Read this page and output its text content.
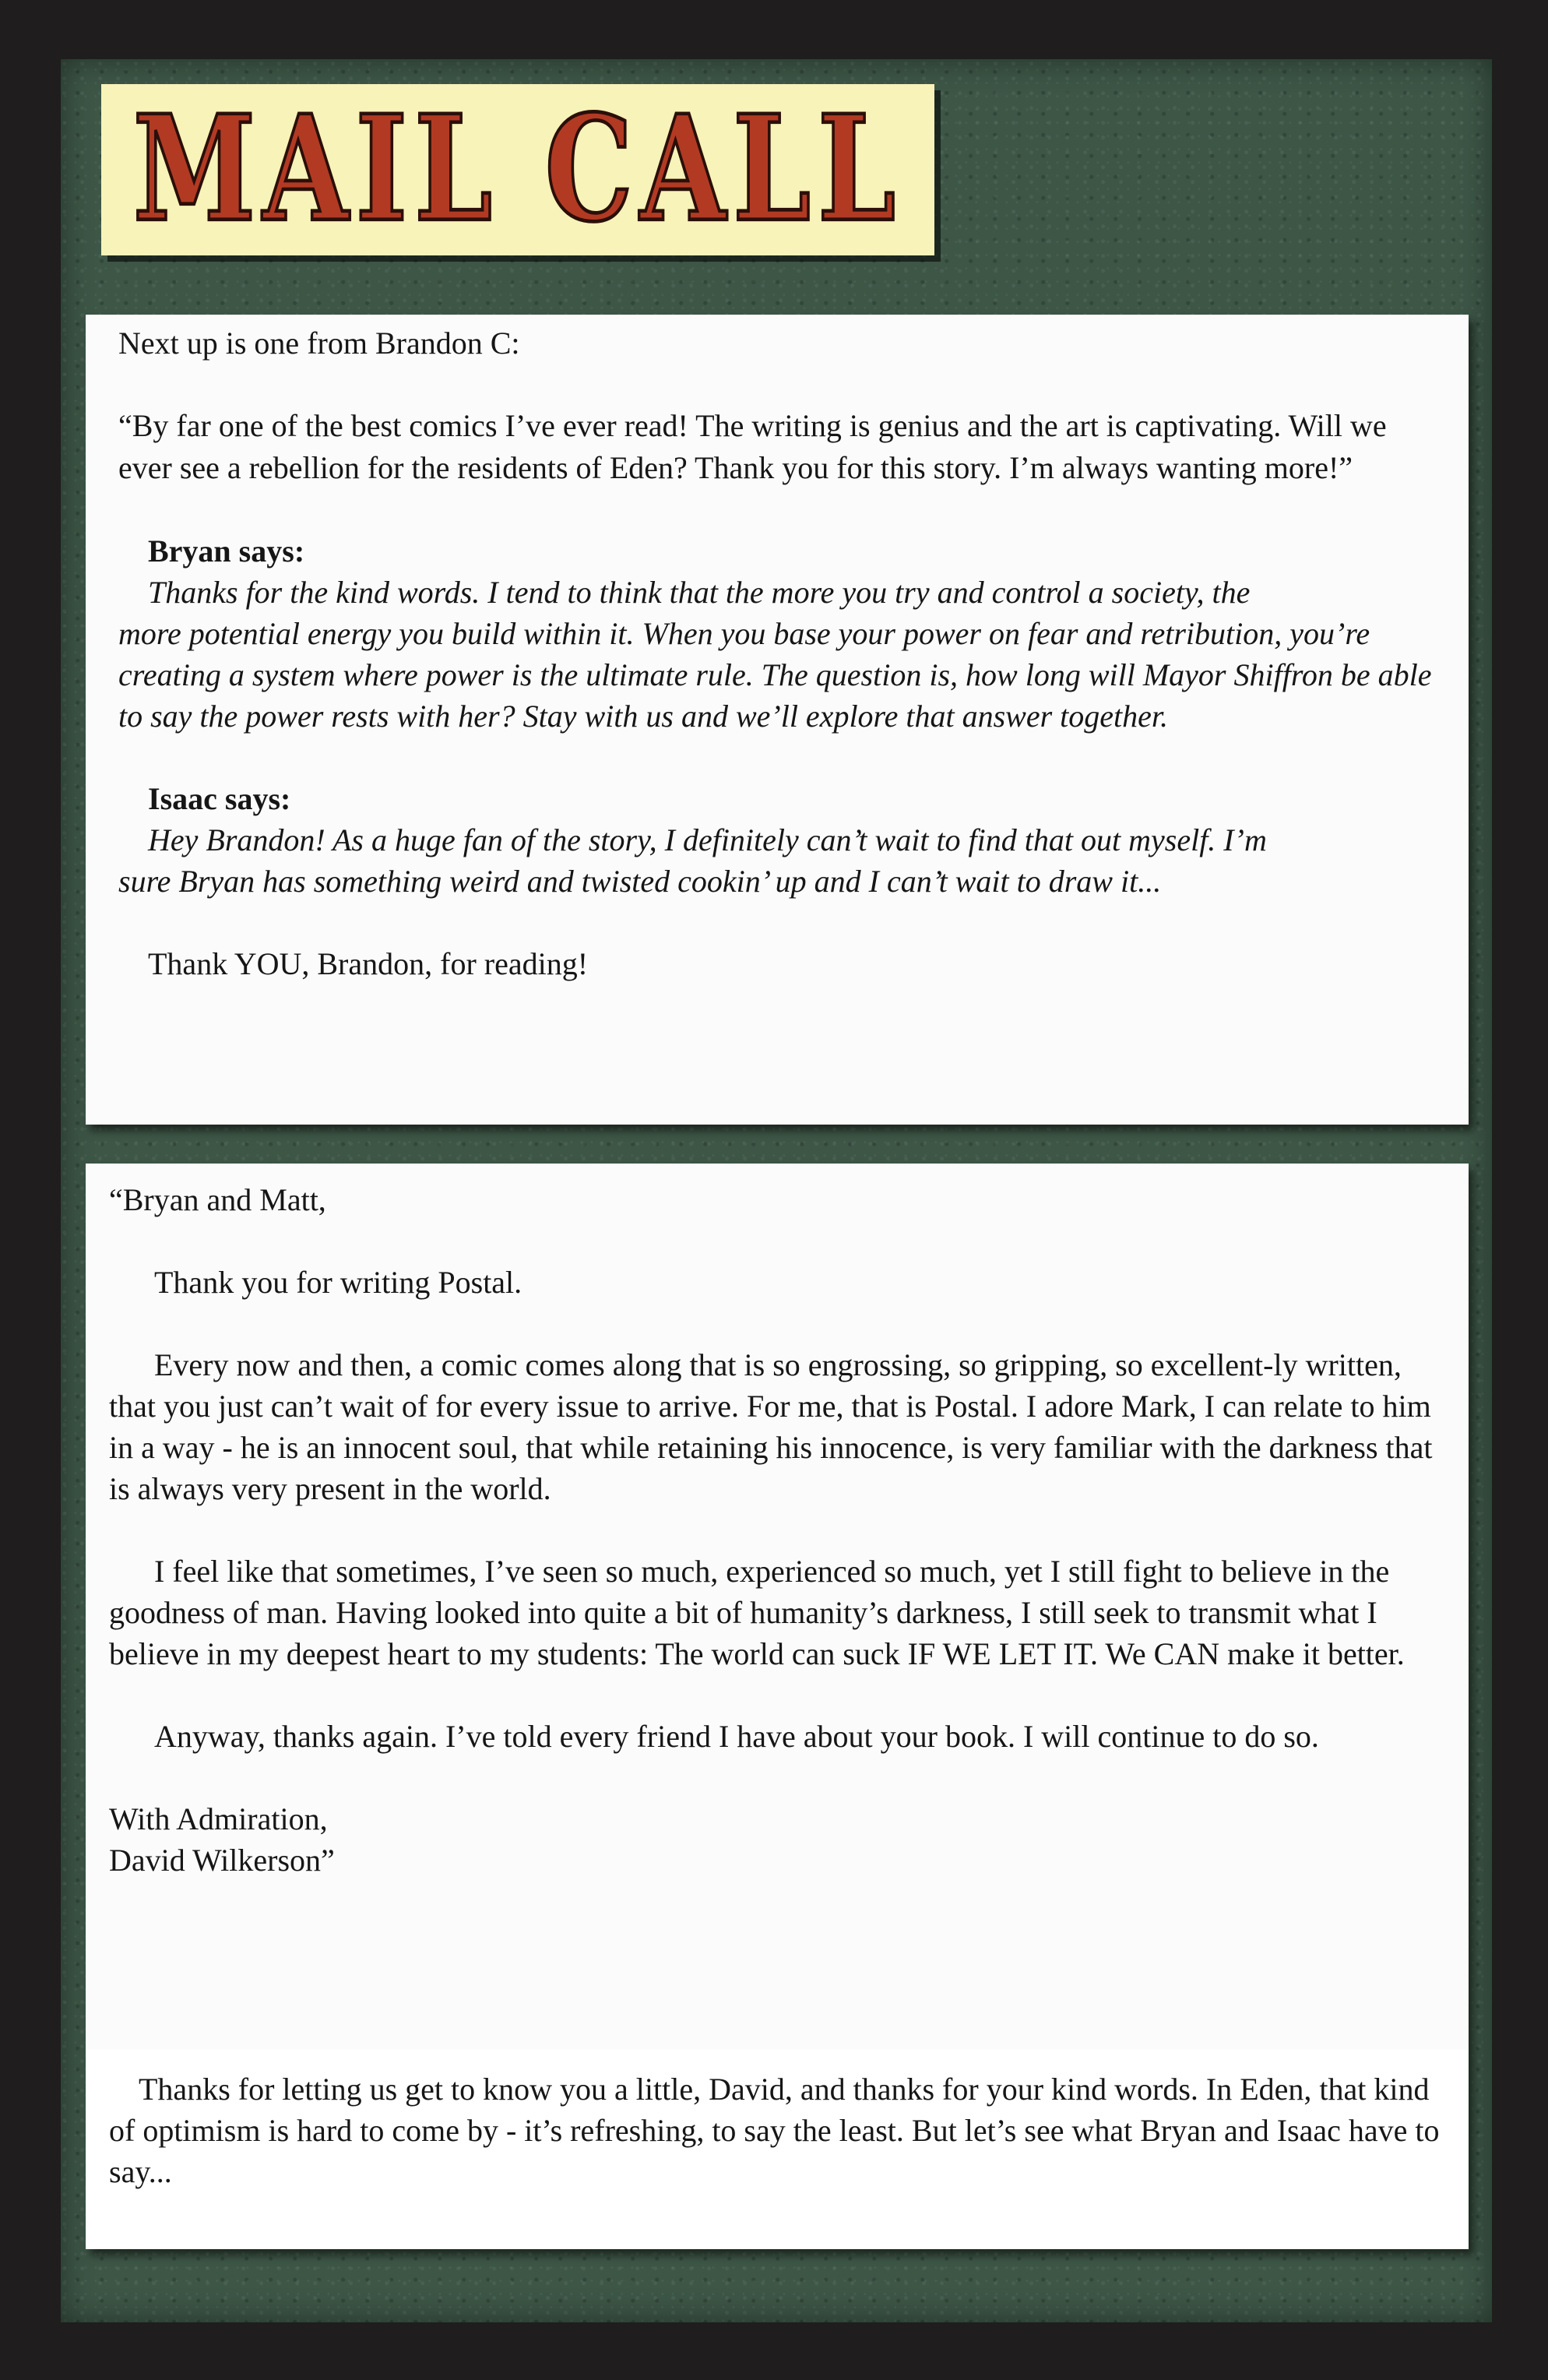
MAIL CALL

Next up is one from Brandon C:

“By far one of the best comics I’ve ever read! The writing is genius and the art is captivating. Will we ever see a rebellion for the residents of Eden? Thank you for this story. I’m always wanting more!”

Bryan says:

Thanks for the kind words. I tend to think that the more you try and control a society, the

more potential energy you build within it. When you base your power on fear and retribution, you’re creating a system where power is the ultimate rule. The question is, how long will Mayor Shiffron be able to say the power rests with her? Stay with us and we’ll explore that answer together.

Isaac says:

Hey Brandon! As a huge fan of the story, I definitely can’t wait to find that out myself. I’m

sure Bryan has something weird and twisted cookin’ up and I can’t wait to draw it...

Thank YOU, Brandon, for reading!

“Bryan and Matt,

Thank you for writing Postal.

Every now and then, a comic comes along that is so engrossing, so gripping, so excellent-ly written, that you just can’t wait of for every issue to arrive. For me, that is Postal. I adore Mark, I can relate to him in a way - he is an innocent soul, that while retaining his innocence, is very familiar with the darkness that is always very present in the world.

I feel like that sometimes, I’ve seen so much, experienced so much, yet I still fight to believe in the goodness of man. Having looked into quite a bit of humanity’s darkness, I still seek to transmit what I believe in my deepest heart to my students: The world can suck IF WE LET IT. We CAN make it better.

Anyway, thanks again. I’ve told every friend I have about your book. I will continue to do so.

With Admiration,

David Wilkerson”

Thanks for letting us get to know you a little, David, and thanks for your kind words. In Eden, that kind of optimism is hard to come by - it’s refreshing, to say the least. But let’s see what Bryan and Isaac have to say...
